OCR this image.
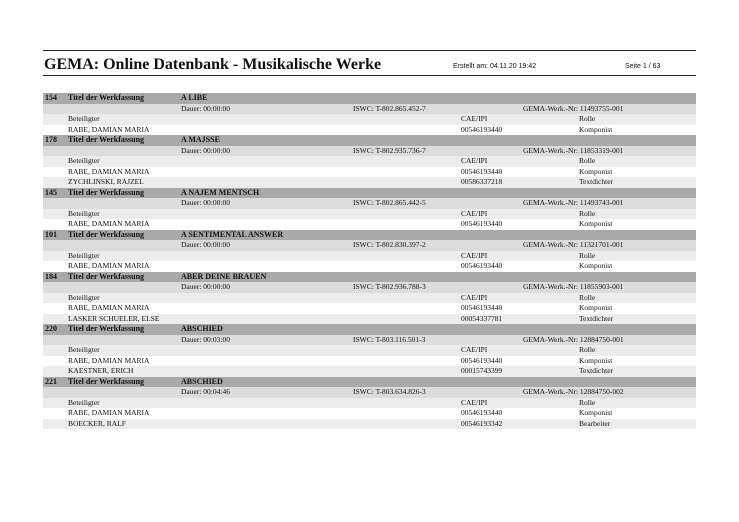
GEMA: Online Datenbank - Musikalische Werke	Erstellt am: 04.11.20 19:42	Seite 1 / 63
154 Titel der Werkfassung	A LIBE
Dauer: 00:00:00	ISWC: T-802.865.452-7	GEMA-Werk.-Nr: 11493755-001
Beteiligter	CAE/IPI	Rolle
RABE, DAMIAN MARIA	00546193440	Komponist
178 Titel der Werkfassung	A MAJSSE
Dauer: 00:00:00	ISWC: T-802.935.736-7	GEMA-Werk.-Nr: 11853319-001
Beteiligter	CAE/IPI	Rolle
RABE, DAMIAN MARIA	00546193440	Komponist
ZYCHLINSKI, RAJZEL	00586337218	Textdichter
145 Titel der Werkfassung	A NAJEM MENTSCH
Dauer: 00:00:00	ISWC: T-802.865.442-5	GEMA-Werk.-Nr: 11493743-001
Beteiligter	CAE/IPI	Rolle
RABE, DAMIAN MARIA	00546193440	Komponist
101 Titel der Werkfassung	A SENTIMENTAL ANSWER
Dauer: 00:00:00	ISWC: T-802.830.397-2	GEMA-Werk.-Nr: 11321701-001
Beteiligter	CAE/IPI	Rolle
RABE, DAMIAN MARIA	00546193440	Komponist
184 Titel der Werkfassung	ABER DEINE BRAUEN
Dauer: 00:00:00	ISWC: T-802.936.788-3	GEMA-Werk.-Nr: 11855903-001
Beteiligter	CAE/IPI	Rolle
RABE, DAMIAN MARIA	00546193440	Komponist
LASKER SCHUELER, ELSE	00054337781	Textdichter
220 Titel der Werkfassung	ABSCHIED
Dauer: 00:03:00	ISWC: T-803.116.501-3	GEMA-Werk.-Nr: 12884750-001
Beteiligter	CAE/IPI	Rolle
RABE, DAMIAN MARIA	00546193440	Komponist
KAESTNER, ERICH	00015743399	Textdichter
221 Titel der Werkfassung	ABSCHIED
Dauer: 00:04:46	ISWC: T-803.634.826-3	GEMA-Werk.-Nr: 12884750-002
Beteiligter	CAE/IPI	Rolle
RABE, DAMIAN MARIA	00546193440	Komponist
BOECKER, RALF	00546193342	Bearbeiter
